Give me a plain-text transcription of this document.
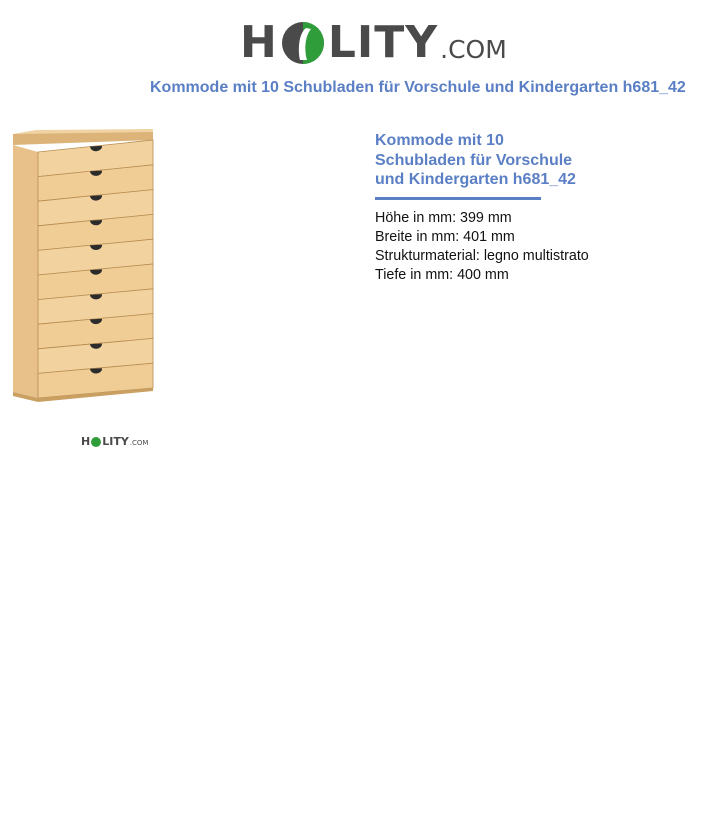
H LITY .COM
Kommode mit 10 Schubladen für Vorschule und Kindergarten h681_42
H LITY .COM
Kommode mit 10
Schubladen für Vorschule
und Kindergarten h681_42
Höhe in mm: 399 mm
Breite in mm: 401 mm
Strukturmaterial: legno multistrato
Tiefe in mm: 400 mm
